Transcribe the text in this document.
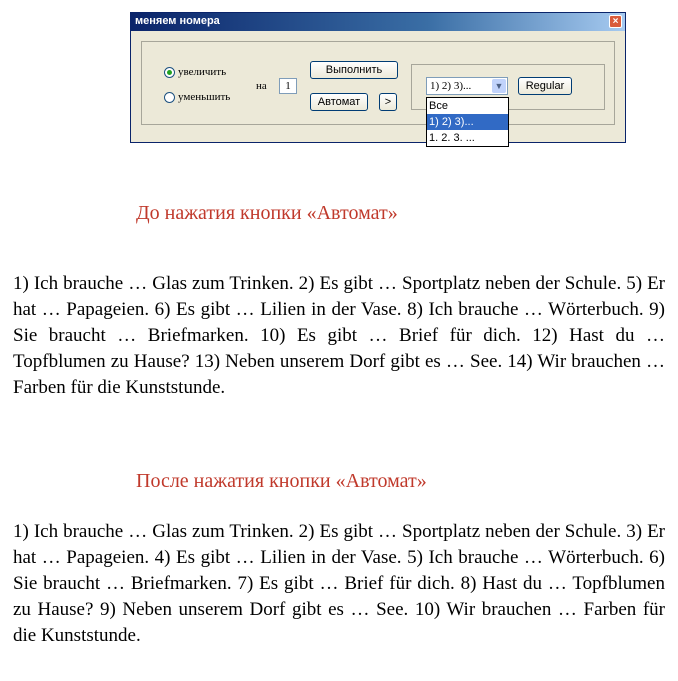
меняем номера	×
увеличить
уменьшить
на	1
Выполнить
Автомат	>
1) 2) 3)...	▼	Regular
Все
1) 2) 3)...
1. 2. 3. ...
До нажатия кнопки «Автомат»
1) Ich brauche … Glas zum Trinken. 2) Es gibt … Sportplatz neben der Schule. 5) Er hat … Papageien. 6) Es gibt … Lilien in der Vase. 8) Ich brauche … Wörterbuch. 9) Sie braucht … Briefmarken. 10) Es gibt … Brief für dich. 12) Hast du … Topfblumen zu Hause? 13) Neben unserem Dorf gibt es … See. 14) Wir brauchen … Farben für die Kunststunde.
После нажатия кнопки «Автомат»
1) Ich brauche … Glas zum Trinken. 2) Es gibt … Sportplatz neben der Schule. 3) Er hat … Papageien. 4) Es gibt … Lilien in der Vase. 5) Ich brauche … Wörterbuch. 6) Sie braucht … Briefmarken. 7) Es gibt … Brief für dich. 8) Hast du … Topfblumen zu Hause? 9) Neben unserem Dorf gibt es … See. 10) Wir brauchen … Farben für die Kunststunde.
